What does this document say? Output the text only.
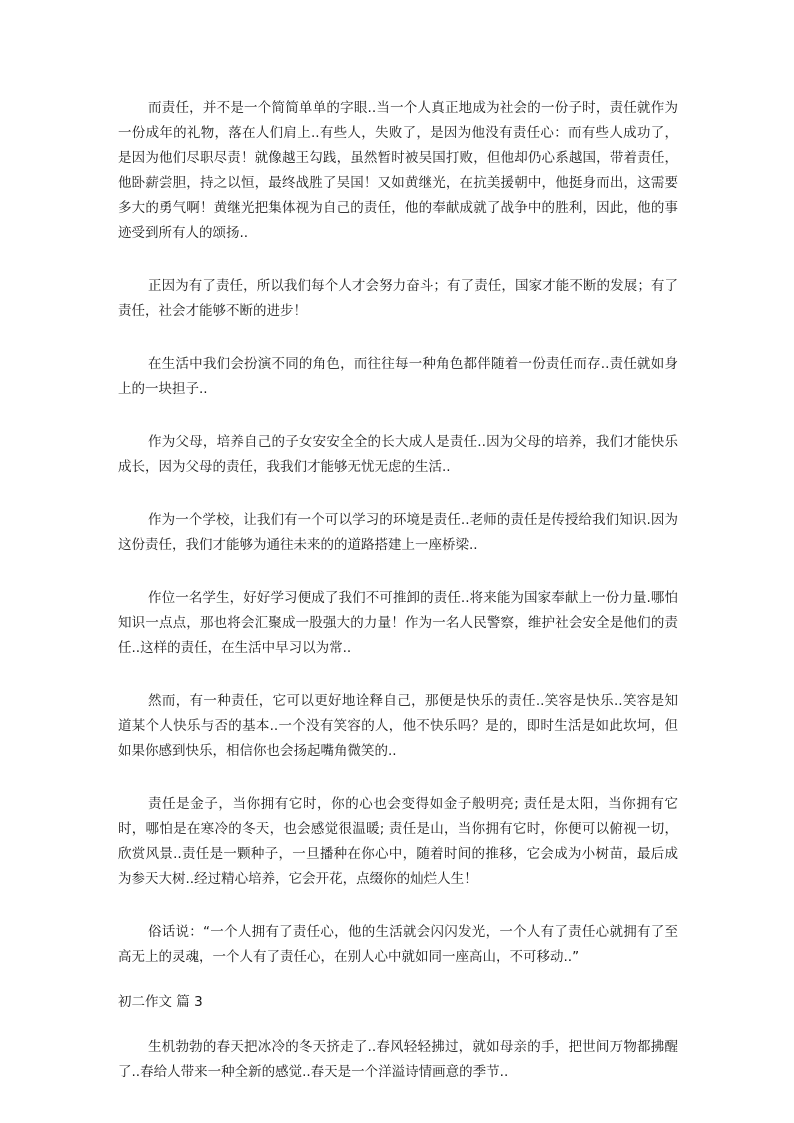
而责任，并不是一个简简单单的字眼..当一个人真正地成为社会的一份子时，责任就作为一份成年的礼物，落在人们肩上..有些人，失败了，是因为他没有责任心：而有些人成功了，是因为他们尽职尽责！就像越王勾践，虽然暂时被吴国打败，但他却仍心系越国，带着责任，他卧薪尝胆，持之以恒，最终战胜了吴国！又如黄继光，在抗美援朝中，他挺身而出，这需要多大的勇气啊！黄继光把集体视为自己的责任，他的奉献成就了战争中的胜利，因此，他的事迹受到所有人的颂扬..

正因为有了责任，所以我们每个人才会努力奋斗；有了责任，国家才能不断的发展；有了责任，社会才能够不断的进步！

在生活中我们会扮演不同的角色，而往往每一种角色都伴随着一份责任而存..责任就如身上的一块担子..

作为父母，培养自己的子女安安全全的长大成人是责任..因为父母的培养，我们才能快乐成长，因为父母的责任，我我们才能够无忧无虑的生活..

作为一个学校，让我们有一个可以学习的环境是责任..老师的责任是传授给我们知识.因为这份责任，我们才能够为通往未来的的道路搭建上一座桥梁..

作位一名学生，好好学习便成了我们不可推卸的责任..将来能为国家奉献上一份力量.哪怕知识一点点，那也将会汇聚成一股强大的力量！作为一名人民警察，维护社会安全是他们的责任..这样的责任，在生活中早习以为常..

然而，有一种责任，它可以更好地诠释自己，那便是快乐的责任..笑容是快乐..笑容是知道某个人快乐与否的基本..一个没有笑容的人，他不快乐吗？是的，即时生活是如此坎坷，但如果你感到快乐，相信你也会扬起嘴角微笑的..

责任是金子，当你拥有它时，你的心也会变得如金子般明亮; 责任是太阳，当你拥有它时，哪怕是在寒冷的冬天，也会感觉很温暖; 责任是山，当你拥有它时，你便可以俯视一切，欣赏风景..责任是一颗种子，一旦播种在你心中，随着时间的推移，它会成为小树苗，最后成为参天大树..经过精心培养，它会开花，点缀你的灿烂人生！

俗话说：“一个人拥有了责任心，他的生活就会闪闪发光，一个人有了责任心就拥有了至高无上的灵魂，一个人有了责任心，在别人心中就如同一座高山，不可移动..”

初二作文 篇 3

生机勃勃的春天把冰冷的冬天挤走了..春风轻轻拂过，就如母亲的手，把世间万物都拂醒了..春给人带来一种全新的感觉..春天是一个洋溢诗情画意的季节..
